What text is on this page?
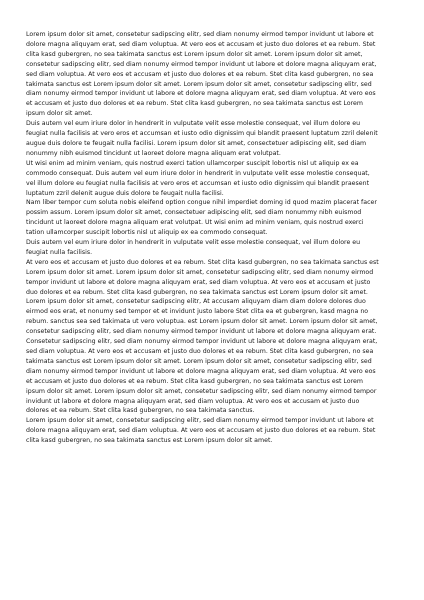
Lorem ipsum dolor sit amet, consetetur sadipscing elitr, sed diam nonumy eirmod tempor invidunt ut labore et dolore magna aliquyam erat, sed diam voluptua. At vero eos et accusam et justo duo dolores et ea rebum. Stet clita kasd gubergren, no sea takimata sanctus est Lorem ipsum dolor sit amet. Lorem ipsum dolor sit amet, consetetur sadipscing elitr, sed diam nonumy eirmod tempor invidunt ut labore et dolore magna aliquyam erat, sed diam voluptua. At vero eos et accusam et justo duo dolores et ea rebum. Stet clita kasd gubergren, no sea takimata sanctus est Lorem ipsum dolor sit amet. Lorem ipsum dolor sit amet, consetetur sadipscing elitr, sed diam nonumy eirmod tempor invidunt ut labore et dolore magna aliquyam erat, sed diam voluptua. At vero eos et accusam et justo duo dolores et ea rebum. Stet clita kasd gubergren, no sea takimata sanctus est Lorem ipsum dolor sit amet.

Duis autem vel eum iriure dolor in hendrerit in vulputate velit esse molestie consequat, vel illum dolore eu feugiat nulla facilisis at vero eros et accumsan et iusto odio dignissim qui blandit praesent luptatum zzril delenit augue duis dolore te feugait nulla facilisi. Lorem ipsum dolor sit amet, consectetuer adipiscing elit, sed diam nonummy nibh euismod tincidunt ut laoreet dolore magna aliquam erat volutpat.

Ut wisi enim ad minim veniam, quis nostrud exerci tation ullamcorper suscipit lobortis nisl ut aliquip ex ea commodo consequat. Duis autem vel eum iriure dolor in hendrerit in vulputate velit esse molestie consequat, vel illum dolore eu feugiat nulla facilisis at vero eros et accumsan et iusto odio dignissim qui blandit praesent luptatum zzril delenit augue duis dolore te feugait nulla facilisi.

Nam liber tempor cum soluta nobis eleifend option congue nihil imperdiet doming id quod mazim placerat facer possim assum. Lorem ipsum dolor sit amet, consectetuer adipiscing elit, sed diam nonummy nibh euismod tincidunt ut laoreet dolore magna aliquam erat volutpat. Ut wisi enim ad minim veniam, quis nostrud exerci tation ullamcorper suscipit lobortis nisl ut aliquip ex ea commodo consequat.

Duis autem vel eum iriure dolor in hendrerit in vulputate velit esse molestie consequat, vel illum dolore eu feugiat nulla facilisis.

At vero eos et accusam et justo duo dolores et ea rebum. Stet clita kasd gubergren, no sea takimata sanctus est Lorem ipsum dolor sit amet. Lorem ipsum dolor sit amet, consetetur sadipscing elitr, sed diam nonumy eirmod tempor invidunt ut labore et dolore magna aliquyam erat, sed diam voluptua. At vero eos et accusam et justo duo dolores et ea rebum. Stet clita kasd gubergren, no sea takimata sanctus est Lorem ipsum dolor sit amet. Lorem ipsum dolor sit amet, consetetur sadipscing elitr, At accusam aliquyam diam diam dolore dolores duo eirmod eos erat, et nonumy sed tempor et et invidunt justo labore Stet clita ea et gubergren, kasd magna no rebum. sanctus sea sed takimata ut vero voluptua. est Lorem ipsum dolor sit amet. Lorem ipsum dolor sit amet, consetetur sadipscing elitr, sed diam nonumy eirmod tempor invidunt ut labore et dolore magna aliquyam erat.

Consetetur sadipscing elitr, sed diam nonumy eirmod tempor invidunt ut labore et dolore magna aliquyam erat, sed diam voluptua. At vero eos et accusam et justo duo dolores et ea rebum. Stet clita kasd gubergren, no sea takimata sanctus est Lorem ipsum dolor sit amet. Lorem ipsum dolor sit amet, consetetur sadipscing elitr, sed diam nonumy eirmod tempor invidunt ut labore et dolore magna aliquyam erat, sed diam voluptua. At vero eos et accusam et justo duo dolores et ea rebum. Stet clita kasd gubergren, no sea takimata sanctus est Lorem ipsum dolor sit amet. Lorem ipsum dolor sit amet, consetetur sadipscing elitr, sed diam nonumy eirmod tempor invidunt ut labore et dolore magna aliquyam erat, sed diam voluptua. At vero eos et accusam et justo duo dolores et ea rebum. Stet clita kasd gubergren, no sea takimata sanctus.

Lorem ipsum dolor sit amet, consetetur sadipscing elitr, sed diam nonumy eirmod tempor invidunt ut labore et dolore magna aliquyam erat, sed diam voluptua. At vero eos et accusam et justo duo dolores et ea rebum. Stet clita kasd gubergren, no sea takimata sanctus est Lorem ipsum dolor sit amet.
